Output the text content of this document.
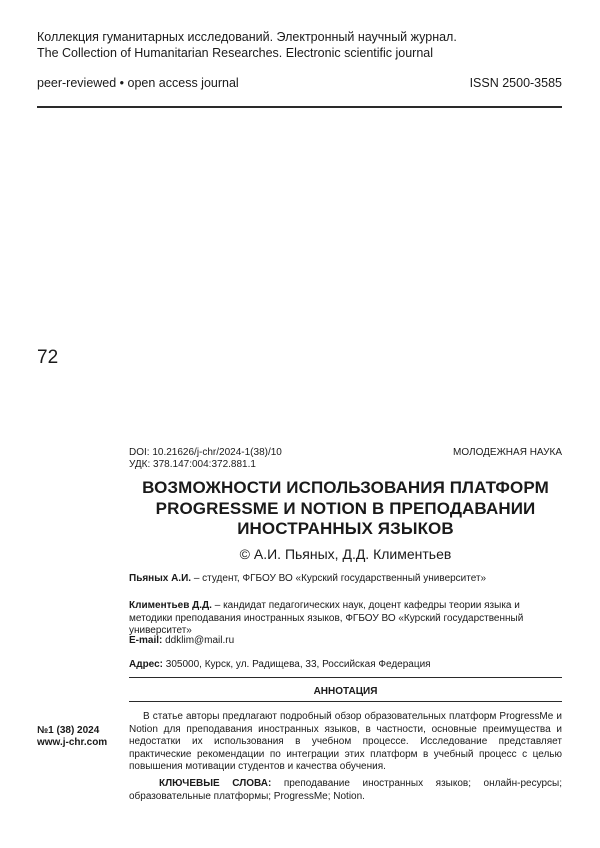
Коллекция гуманитарных исследований. Электронный научный журнал.
The Collection of Humanitarian Researches. Electronic scientific journal
peer-reviewed • open access journal	ISSN 2500-3585
72
DOI: 10.21626/j-chr/2024-1(38)/10
УДК: 378.147:004:372.881.1
МОЛОДЕЖНАЯ НАУКА
ВОЗМОЖНОСТИ ИСПОЛЬЗОВАНИЯ ПЛАТФОРМ PROGRESSME И NOTION В ПРЕПОДАВАНИИ ИНОСТРАННЫХ ЯЗЫКОВ
© А.И. Пьяных, Д.Д. Климентьев
Пьяных А.И. – студент, ФГБОУ ВО «Курский государственный университет»
Климентьев Д.Д. – кандидат педагогических наук, доцент кафедры теории языка и методики преподавания иностранных языков, ФГБОУ ВО «Курский государственный университет»
E-mail: ddklim@mail.ru
Адрес: 305000, Курск, ул. Радищева, 33, Российская Федерация
АННОТАЦИЯ
В статье авторы предлагают подробный обзор образовательных платформ ProgressMe и Notion для преподавания иностранных языков, в частности, основные преимущества и недостатки их использования в учебном процессе. Исследование представляет практические рекомендации по интеграции этих платформ в учебный процесс с целью повышения мотивации студентов и качества обучения.
КЛЮЧЕВЫЕ СЛОВА: преподавание иностранных языков; онлайн-ресурсы; образовательные платформы; ProgressMe; Notion.
№1 (38) 2024
www.j-chr.com
